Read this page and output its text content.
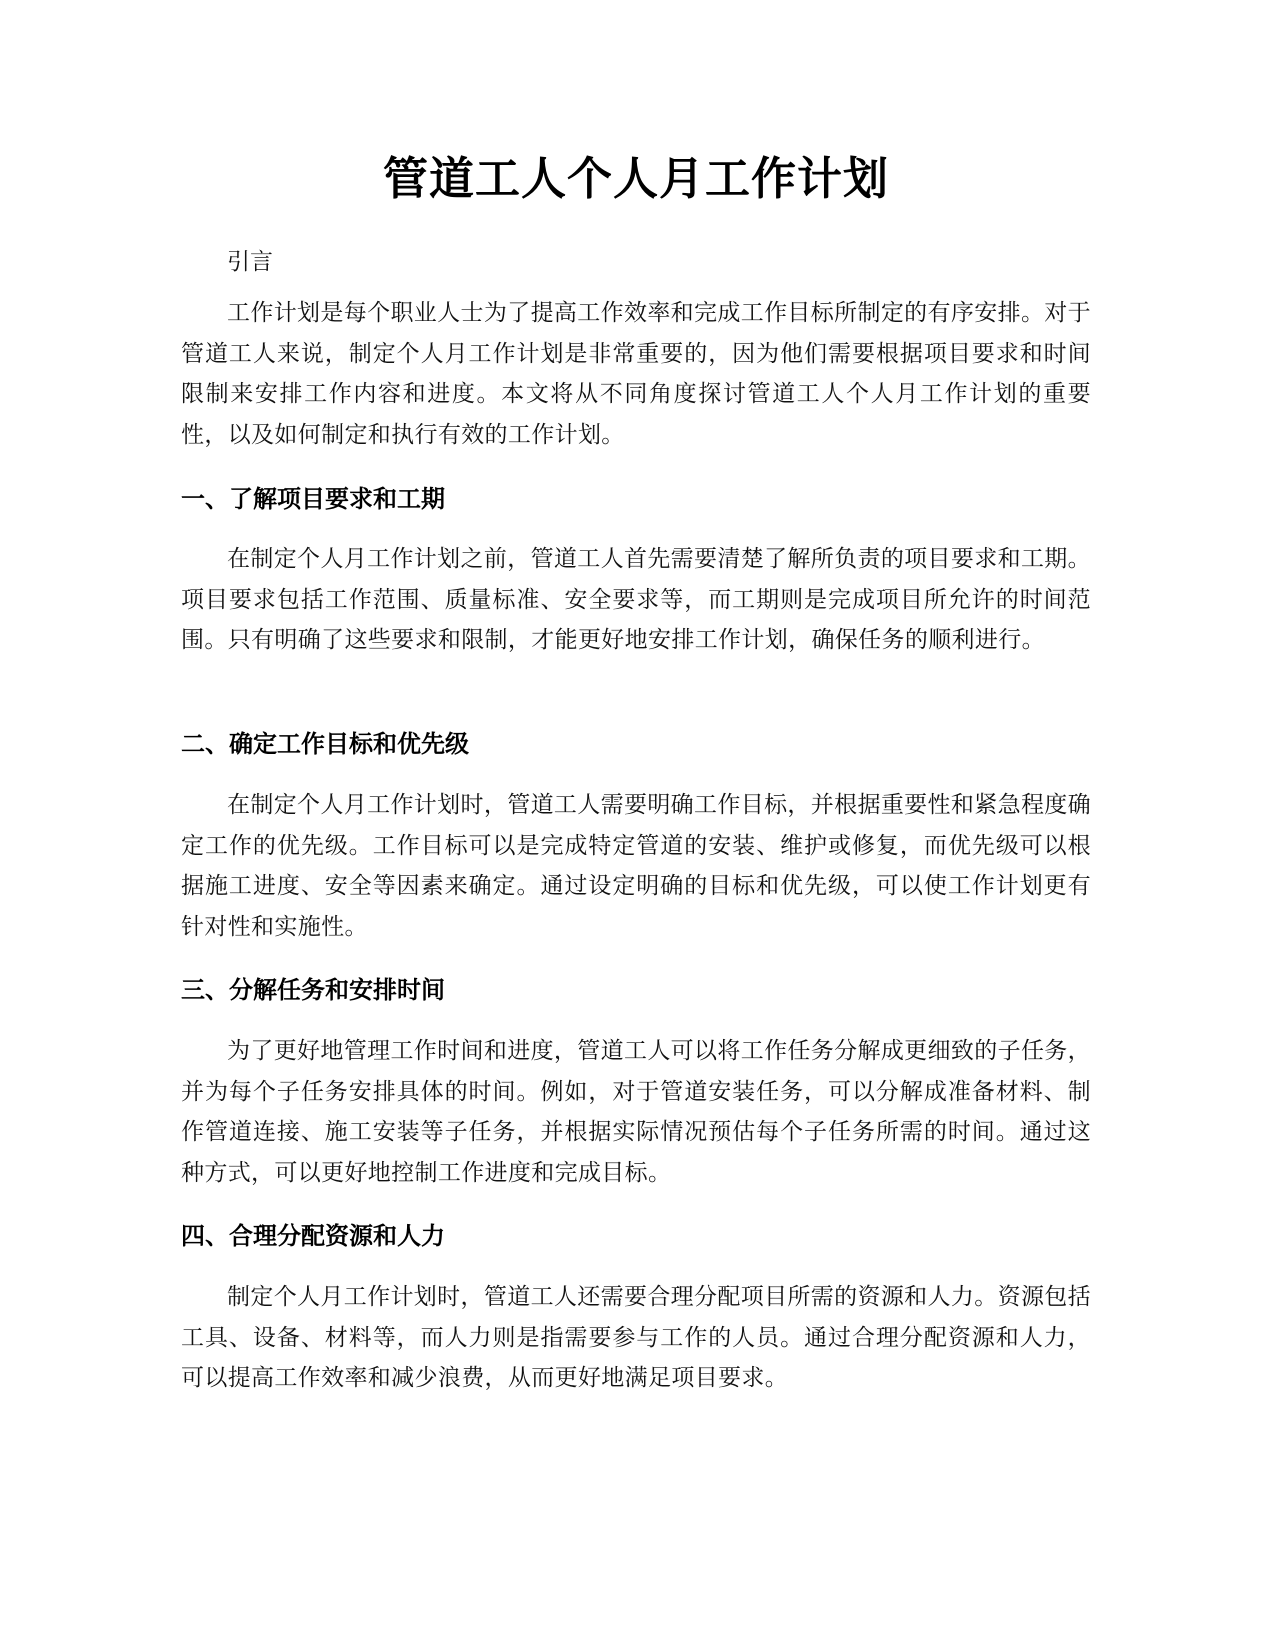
管道工人个人月工作计划

引言

工作计划是每个职业人士为了提高工作效率和完成工作目标所制定的有序安排。对于管道工人来说，制定个人月工作计划是非常重要的，因为他们需要根据项目要求和时间限制来安排工作内容和进度。本文将从不同角度探讨管道工人个人月工作计划的重要性，以及如何制定和执行有效的工作计划。

一、了解项目要求和工期

在制定个人月工作计划之前，管道工人首先需要清楚了解所负责的项目要求和工期。项目要求包括工作范围、质量标准、安全要求等，而工期则是完成项目所允许的时间范围。只有明确了这些要求和限制，才能更好地安排工作计划，确保任务的顺利进行。

二、确定工作目标和优先级

在制定个人月工作计划时，管道工人需要明确工作目标，并根据重要性和紧急程度确定工作的优先级。工作目标可以是完成特定管道的安装、维护或修复，而优先级可以根据施工进度、安全等因素来确定。通过设定明确的目标和优先级，可以使工作计划更有针对性和实施性。

三、分解任务和安排时间

为了更好地管理工作时间和进度，管道工人可以将工作任务分解成更细致的子任务，并为每个子任务安排具体的时间。例如，对于管道安装任务，可以分解成准备材料、制作管道连接、施工安装等子任务，并根据实际情况预估每个子任务所需的时间。通过这种方式，可以更好地控制工作进度和完成目标。

四、合理分配资源和人力

制定个人月工作计划时，管道工人还需要合理分配项目所需的资源和人力。资源包括工具、设备、材料等，而人力则是指需要参与工作的人员。通过合理分配资源和人力，可以提高工作效率和减少浪费，从而更好地满足项目要求。
